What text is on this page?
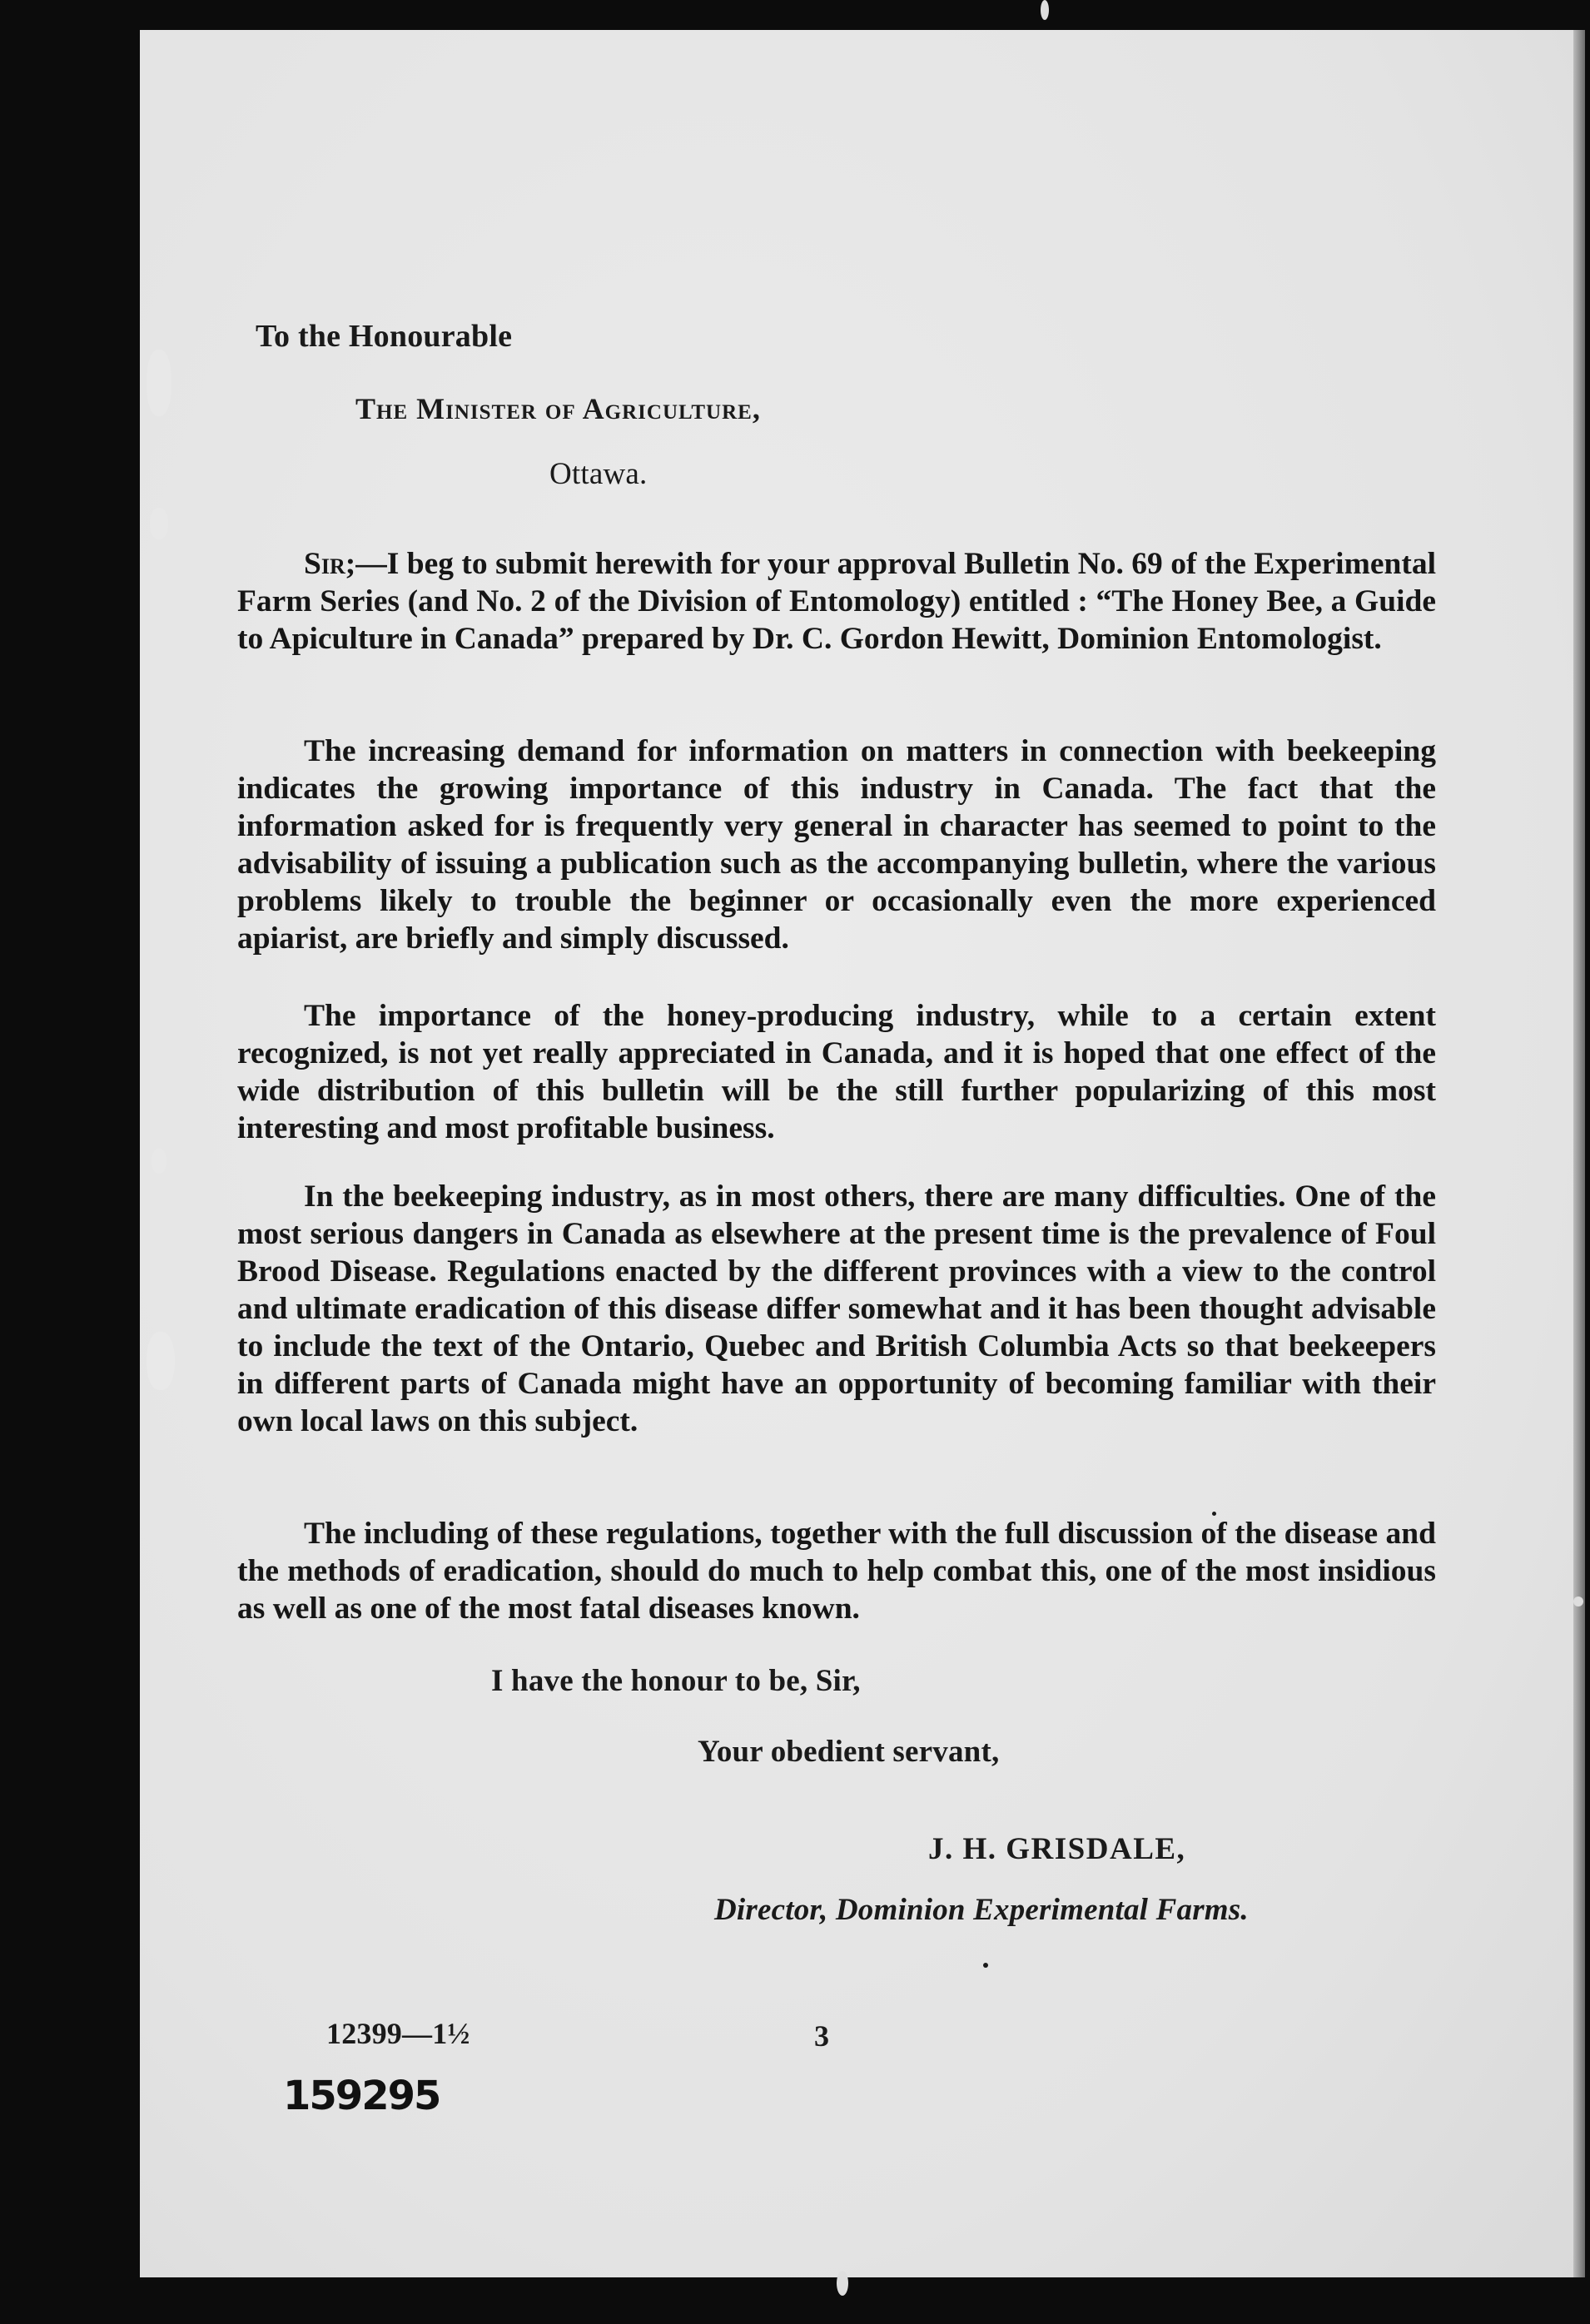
To the Honourable
The Minister of Agriculture,
Ottawa.
Sir;—I beg to submit herewith for your approval Bulletin No. 69 of the Experimental Farm Series (and No. 2 of the Division of Entomology) entitled : “The Honey Bee, a Guide to Apiculture in Canada” prepared by Dr. C. Gordon Hewitt, Dominion Entomologist.
The increasing demand for information on matters in connection with beekeeping indicates the growing importance of this industry in Canada. The fact that the information asked for is frequently very general in character has seemed to point to the advisability of issuing a publication such as the accompanying bulletin, where the various problems likely to trouble the beginner or occasionally even the more experienced apiarist, are briefly and simply discussed.
The importance of the honey-producing industry, while to a certain extent recognized, is not yet really appreciated in Canada, and it is hoped that one effect of the wide distribution of this bulletin will be the still further popularizing of this most interesting and most profitable business.
In the beekeeping industry, as in most others, there are many difficulties. One of the most serious dangers in Canada as elsewhere at the present time is the prevalence of Foul Brood Disease. Regulations enacted by the different provinces with a view to the control and ultimate eradication of this disease differ somewhat and it has been thought advisable to include the text of the Ontario, Quebec and British Columbia Acts so that beekeepers in different parts of Canada might have an opportunity of becoming familiar with their own local laws on this subject.
The including of these regulations, together with the full discussion of the disease and the methods of eradication, should do much to help combat this, one of the most insidious as well as one of the most fatal diseases known.
I have the honour to be, Sir,
Your obedient servant,
J. H. GRISDALE,
Director, Dominion Experimental Farms.
12399—1½	3
159295
